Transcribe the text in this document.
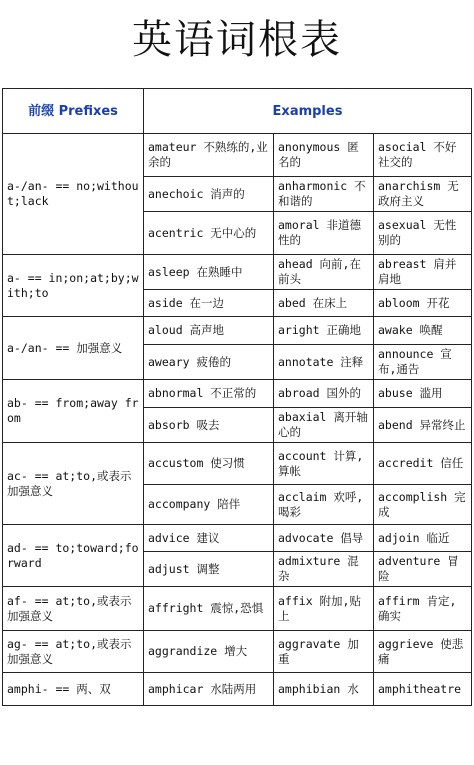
英语词根表
前缀 Prefixes	Examples		
a-/an- == no;without;lack	amateur 不熟练的,业余的	anonymous 匿名的	asocial 不好社交的
	anechoic 消声的	anharmonic 不和谐的	anarchism 无政府主义
	acentric 无中心的	amoral 非道德性的	asexual 无性别的
a- == in;on;at;by;with;to	asleep 在熟睡中	ahead 向前,在前头	abreast 肩并肩地
	aside 在一边	abed 在床上	abloom 开花
a-/an- == 加强意义	aloud 高声地	aright 正确地	awake 唤醒
	aweary 疲倦的	annotate 注释	announce 宣布,通告
ab- == from;away from	abnormal 不正常的	abroad 国外的	abuse 滥用
	absorb 吸去	abaxial 离开轴心的	abend 异常终止
ac- == at;to,或表示加强意义	accustom 使习惯	account 计算,算帐	accredit 信任
	accompany 陪伴	acclaim 欢呼,喝彩	accomplish 完成
ad- == to;toward;forward	advice 建议	advocate 倡导	adjoin 临近
	adjust 调整	admixture 混杂	adventure 冒险
af- == at;to,或表示加强意义	affright 震惊,恐惧	affix 附加,贴上	affirm 肯定,确实
ag- == at;to,或表示加强意义	aggrandize 增大	aggravate 加重	aggrieve 使悲痛
amphi- == 两、双	amphicar 水陆两用	amphibian 水	amphitheatre
